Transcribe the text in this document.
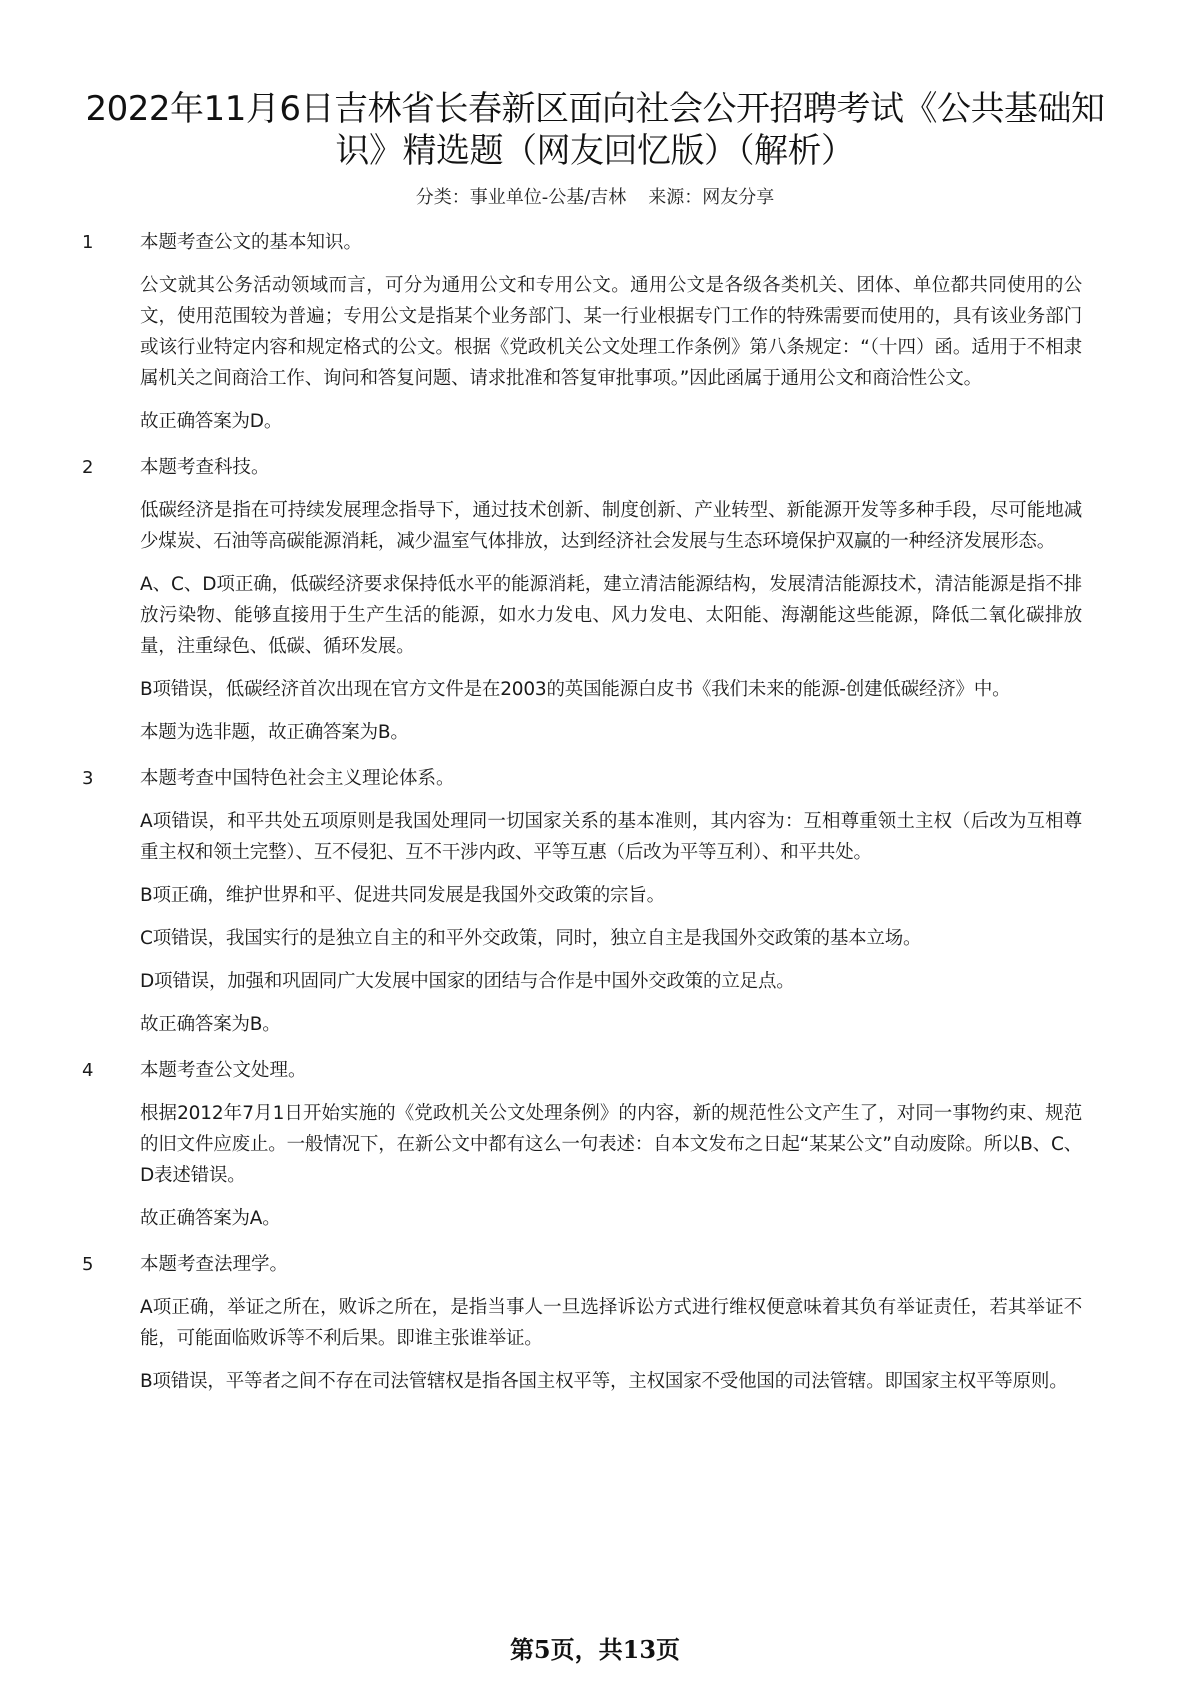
2022年11月6日吉林省长春新区面向社会公开招聘考试《公共基础知识》精选题（网友回忆版）（解析）
分类：事业单位-公基/吉林 来源：网友分享
1	本题考查公文的基本知识。
公文就其公务活动领域而言，可分为通用公文和专用公文。通用公文是各级各类机关、团体、单位都共同使用的公文，使用范围较为普遍；专用公文是指某个业务部门、某一行业根据专门工作的特殊需要而使用的，具有该业务部门或该行业特定内容和规定格式的公文。根据《党政机关公文处理工作条例》第八条规定：“（十四）函。适用于不相隶属机关之间商洽工作、询问和答复问题、请求批准和答复审批事项。”因此函属于通用公文和商洽性公文。
故正确答案为D。
2	本题考查科技。
低碳经济是指在可持续发展理念指导下，通过技术创新、制度创新、产业转型、新能源开发等多种手段，尽可能地减少煤炭、石油等高碳能源消耗，减少温室气体排放，达到经济社会发展与生态环境保护双赢的一种经济发展形态。
A、C、D项正确，低碳经济要求保持低水平的能源消耗，建立清洁能源结构，发展清洁能源技术，清洁能源是指不排放污染物、能够直接用于生产生活的能源，如水力发电、风力发电、太阳能、海潮能这些能源，降低二氧化碳排放量，注重绿色、低碳、循环发展。
B项错误，低碳经济首次出现在官方文件是在2003的英国能源白皮书《我们未来的能源-创建低碳经济》中。
本题为选非题，故正确答案为B。
3	本题考查中国特色社会主义理论体系。
A项错误，和平共处五项原则是我国处理同一切国家关系的基本准则，其内容为：互相尊重领土主权（后改为互相尊重主权和领土完整）、互不侵犯、互不干涉内政、平等互惠（后改为平等互利）、和平共处。
B项正确，维护世界和平、促进共同发展是我国外交政策的宗旨。
C项错误，我国实行的是独立自主的和平外交政策，同时，独立自主是我国外交政策的基本立场。
D项错误，加强和巩固同广大发展中国家的团结与合作是中国外交政策的立足点。
故正确答案为B。
4	本题考查公文处理。
根据2012年7月1日开始实施的《党政机关公文处理条例》的内容，新的规范性公文产生了，对同一事物约束、规范的旧文件应废止。一般情况下，在新公文中都有这么一句表述：自本文发布之日起“某某公文”自动废除。所以B、C、D表述错误。
故正确答案为A。
5	本题考查法理学。
A项正确，举证之所在，败诉之所在，是指当事人一旦选择诉讼方式进行维权便意味着其负有举证责任，若其举证不能，可能面临败诉等不利后果。即谁主张谁举证。
B项错误，平等者之间不存在司法管辖权是指各国主权平等，主权国家不受他国的司法管辖。即国家主权平等原则。
第5页，共13页
